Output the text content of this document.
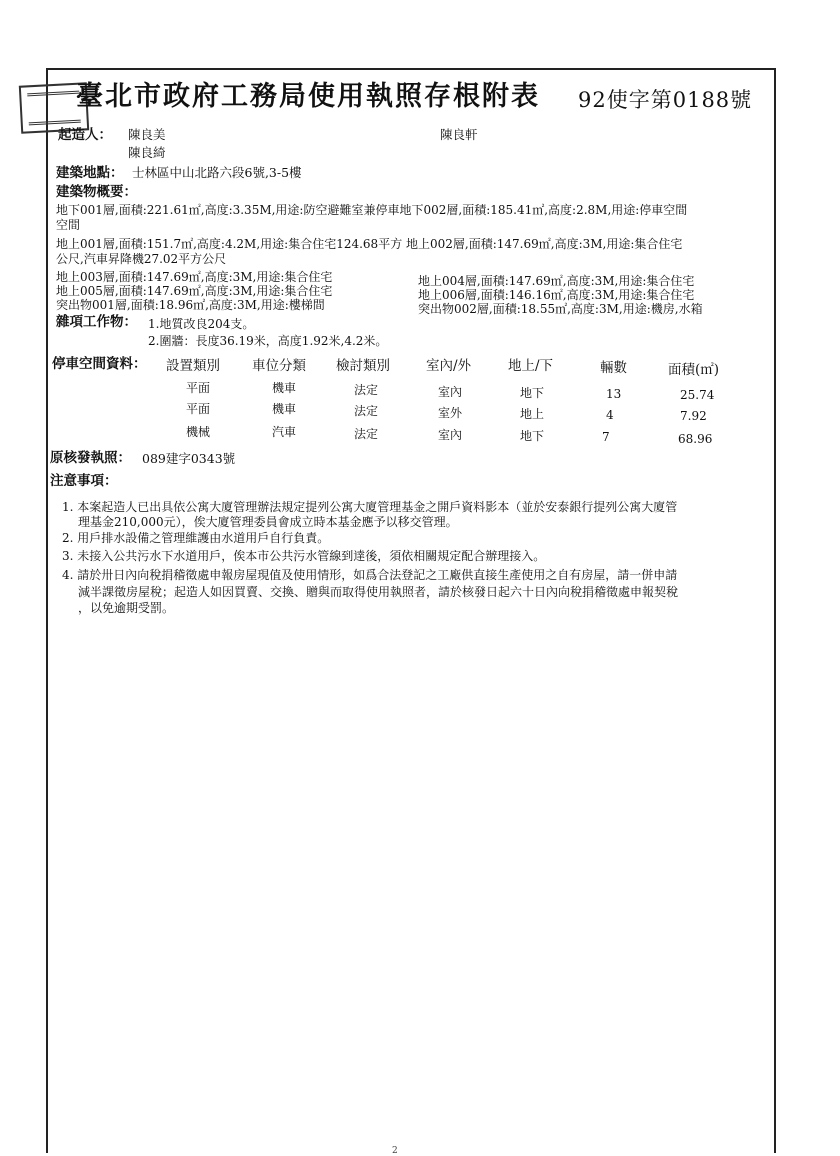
臺北市政府工務局使用執照存根附表 92使字第0188號
起造人： 陳良美
陳良綺
陳良軒
建築地點： 士林區中山北路六段6號,3-5樓
建築物概要：
地下001層,面積:221.61㎡,高度:3.35M,用途:防空避難室兼停車地下002層,面積:185.41㎡,高度:2.8M,用途:停車空間
空間
地上001層,面積:151.7㎡,高度:4.2M,用途:集合住宅124.68平方 地上002層,面積:147.69㎡,高度:3M,用途:集合住宅
公尺,汽車昇降機27.02平方公尺
地上003層,面積:147.69㎡,高度:3M,用途:集合住宅
地上005層,面積:147.69㎡,高度:3M,用途:集合住宅
突出物001層,面積:18.96㎡,高度:3M,用途:樓梯間
地上004層,面積:147.69㎡,高度:3M,用途:集合住宅
地上006層,面積:146.16㎡,高度:3M,用途:集合住宅
突出物002層,面積:18.55㎡,高度:3M,用途:機房,水箱
雜項工作物： 1.地質改良204支。
2.圍牆：長度36.19米，高度1.92米,4.2米。
停車空間資料： 設置類別 車位分類 檢討類別	室內/外	地上/下	輛數	面積(㎡)
平面	機車	法定	室內	地下	13	25.74
平面	機車	法定	室外	地上	4	7.92
機械	汽車	法定	室內	地下	7	68.96
原核發執照： 089建字0343號
注意事項：
1. 本案起造人已出具依公寓大廈管理辦法規定提列公寓大廈管理基金之開戶資料影本（並於安泰銀行提列公寓大廈管
理基金210,000元），俟大廈管理委員會成立時本基金應予以移交管理。
2. 用戶排水設備之管理維護由水道用戶自行負責。
3. 未接入公共污水下水道用戶，俟本市公共污水管線到達後，須依相關規定配合辦理接入。
4. 請於卅日內向稅捐稽徵處申報房屋現值及使用情形，如爲合法登記之工廠供直接生產使用之自有房屋，請一併申請
減半課徵房屋稅；起造人如因買賣、交換、贈與而取得使用執照者，請於核發日起六十日內向稅捐稽徵處申報契稅
，以免逾期受罰。
2
